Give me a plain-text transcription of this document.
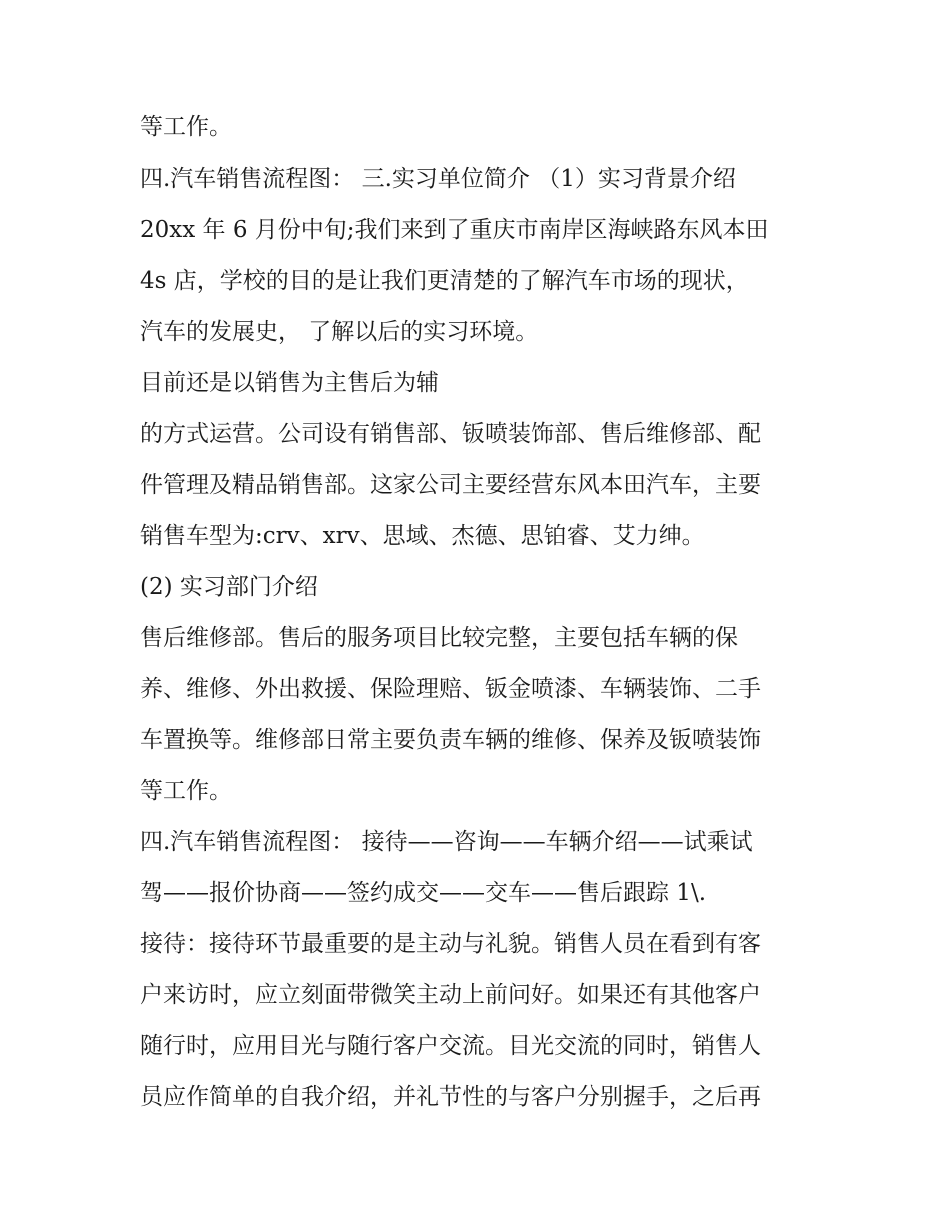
等工作。
四.汽车销售流程图： 三.实习单位简介 （1）实习背景介绍
20xx 年 6 月份中旬;我们来到了重庆市南岸区海峡路东风本田
4s 店，学校的目的是让我们更清楚的了解汽车市场的现状，
汽车的发展史， 了解以后的实习环境。
目前还是以销售为主售后为辅
的方式运营。公司设有销售部、钣喷装饰部、售后维修部、配
件管理及精品销售部。这家公司主要经营东风本田汽车，主要
销售车型为:crv、xrv、思域、杰德、思铂睿、艾力绅。
(2) 实习部门介绍
售后维修部。售后的服务项目比较完整，主要包括车辆的保
养、维修、外出救援、保险理赔、钣金喷漆、车辆装饰、二手
车置换等。维修部日常主要负责车辆的维修、保养及钣喷装饰
等工作。
四.汽车销售流程图： 接待——咨询——车辆介绍——试乘试
驾——报价协商——签约成交——交车——售后跟踪 1\.
接待：接待环节最重要的是主动与礼貌。销售人员在看到有客
户来访时，应立刻面带微笑主动上前问好。如果还有其他客户
随行时，应用目光与随行客户交流。目光交流的同时，销售人
员应作简单的自我介绍，并礼节性的与客户分别握手，之后再
